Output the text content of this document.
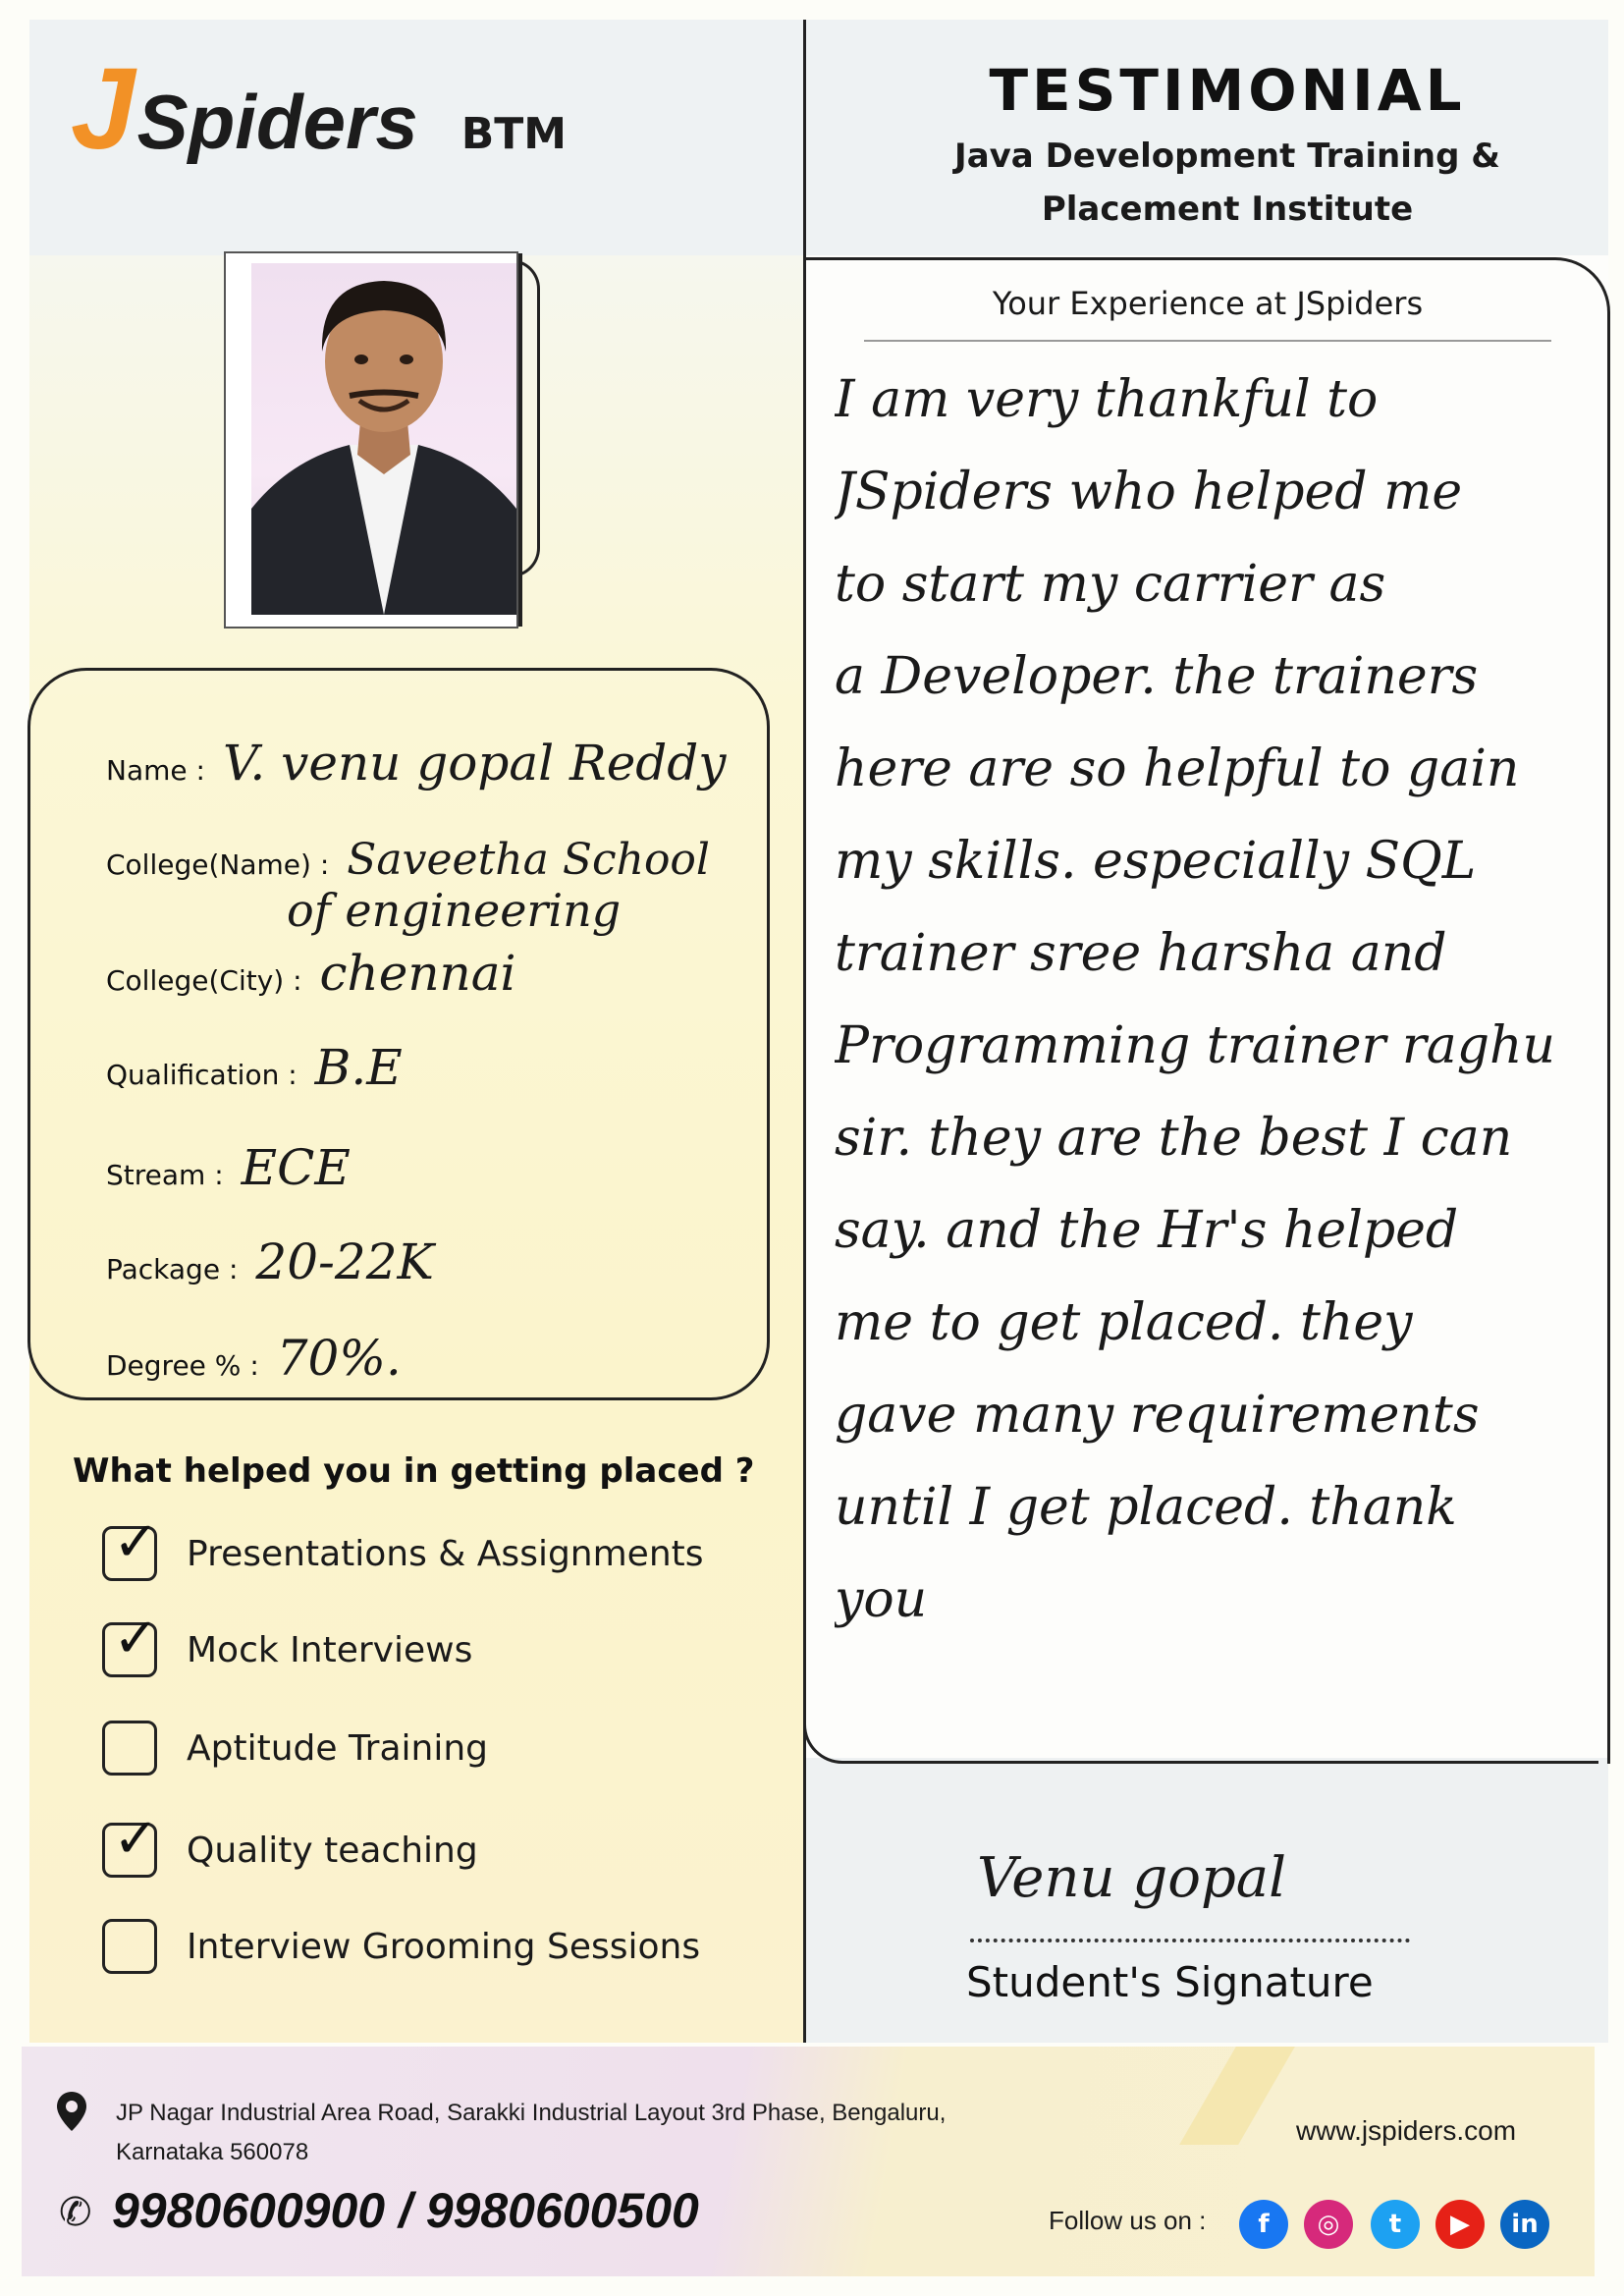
J Spiders BTM
TESTIMONIAL
Java Development Training &
Placement Institute
Name : V. venu gopal Reddy
College(Name) : Saveetha School
of engineering
College(City) : chennai
Qualification : B.E
Stream : ECE
Package : 20-22K
Degree % : 70%.
What helped you in getting placed ?
✓ Presentations & Assignments
✓ Mock Interviews
Aptitude Training
✓ Quality teaching
Interview Grooming Sessions
Your Experience at JSpiders
I am very thankful to
JSpiders who helped me
to start my carrier as
a Developer. the trainers
here are so helpful to gain
my skills. especially SQL
trainer sree harsha and
Programming trainer raghu
sir. they are the best I can
say. and the Hr's helped
me to get placed. they
gave many requirements
until I get placed. thank
you
Venu gopal
Student's Signature
JP Nagar Industrial Area Road, Sarakki Industrial Layout 3rd Phase, Bengaluru,
Karnataka 560078
✆ 9980600900 / 9980600500
www.jspiders.com
Follow us on : f ◎ t ▶ in
